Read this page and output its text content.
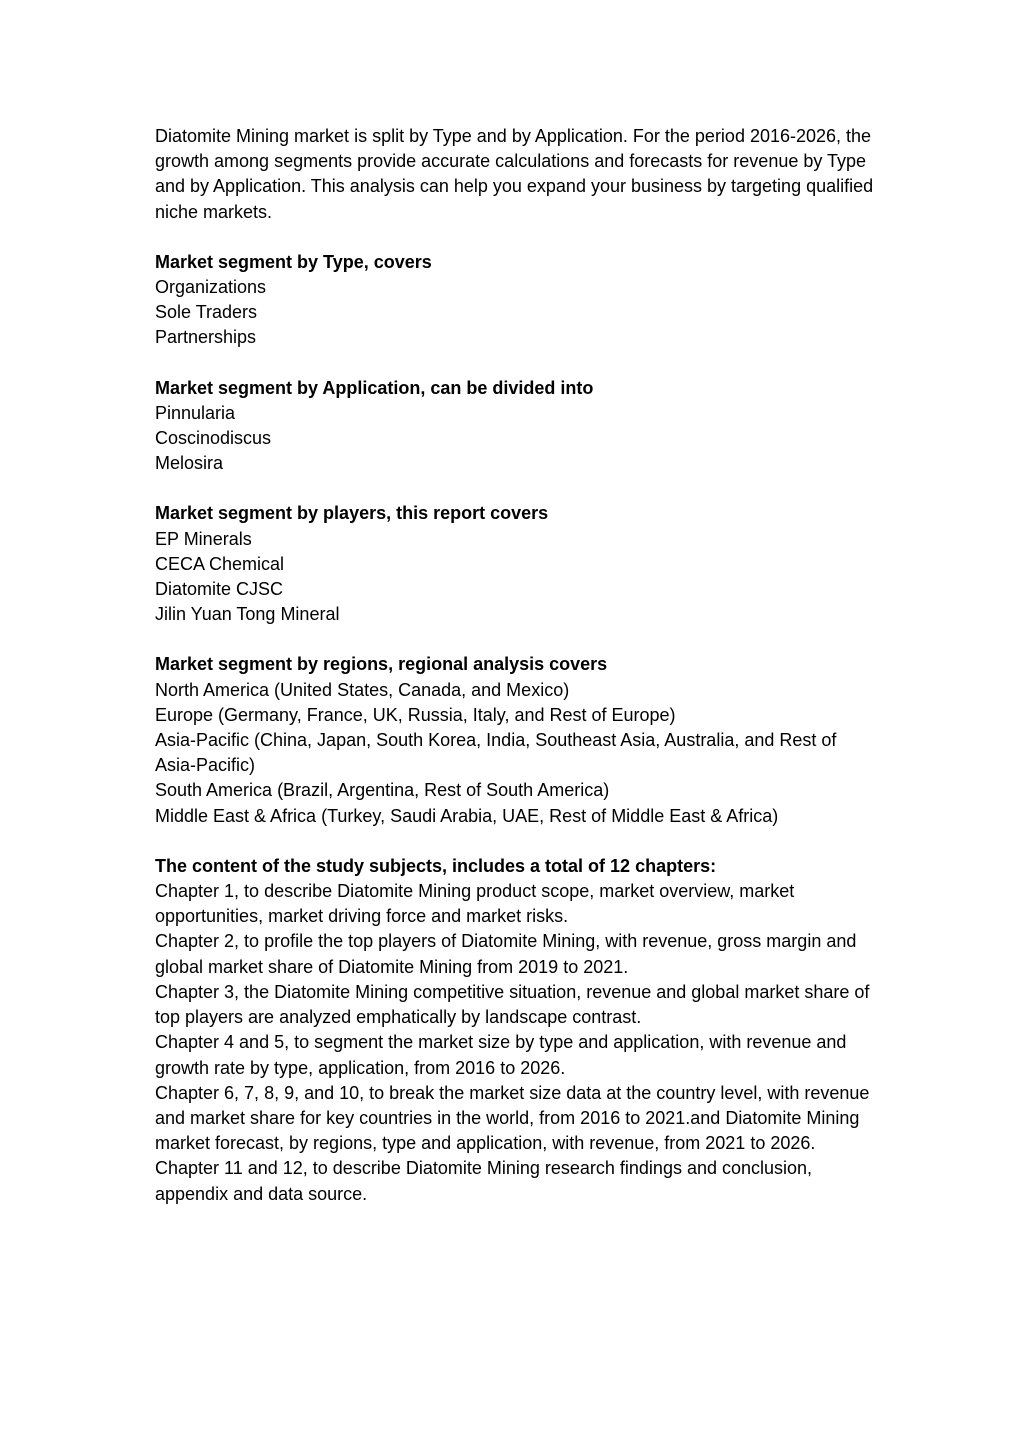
Diatomite Mining market is split by Type and by Application. For the period 2016-2026, the growth among segments provide accurate calculations and forecasts for revenue by Type and by Application. This analysis can help you expand your business by targeting qualified niche markets.

Market segment by Type, covers
Organizations
Sole Traders
Partnerships
Market segment by Application, can be divided into
Pinnularia
Coscinodiscus
Melosira
Market segment by players, this report covers
EP Minerals
CECA Chemical
Diatomite CJSC
Jilin Yuan Tong Mineral
Market segment by regions, regional analysis covers
North America (United States, Canada, and Mexico)
Europe (Germany, France, UK, Russia, Italy, and Rest of Europe)
Asia-Pacific (China, Japan, South Korea, India, Southeast Asia, Australia, and Rest of Asia-Pacific)
South America (Brazil, Argentina, Rest of South America)
Middle East & Africa (Turkey, Saudi Arabia, UAE, Rest of Middle East & Africa)
The content of the study subjects, includes a total of 12 chapters:
Chapter 1, to describe Diatomite Mining product scope, market overview, market opportunities, market driving force and market risks.
Chapter 2, to profile the top players of Diatomite Mining, with revenue, gross margin and global market share of Diatomite Mining from 2019 to 2021.
Chapter 3, the Diatomite Mining competitive situation, revenue and global market share of top players are analyzed emphatically by landscape contrast.
Chapter 4 and 5, to segment the market size by type and application, with revenue and growth rate by type, application, from 2016 to 2026.
Chapter 6, 7, 8, 9, and 10, to break the market size data at the country level, with revenue and market share for key countries in the world, from 2016 to 2021.and Diatomite Mining market forecast, by regions, type and application, with revenue, from 2021 to 2026.
Chapter 11 and 12, to describe Diatomite Mining research findings and conclusion, appendix and data source.
